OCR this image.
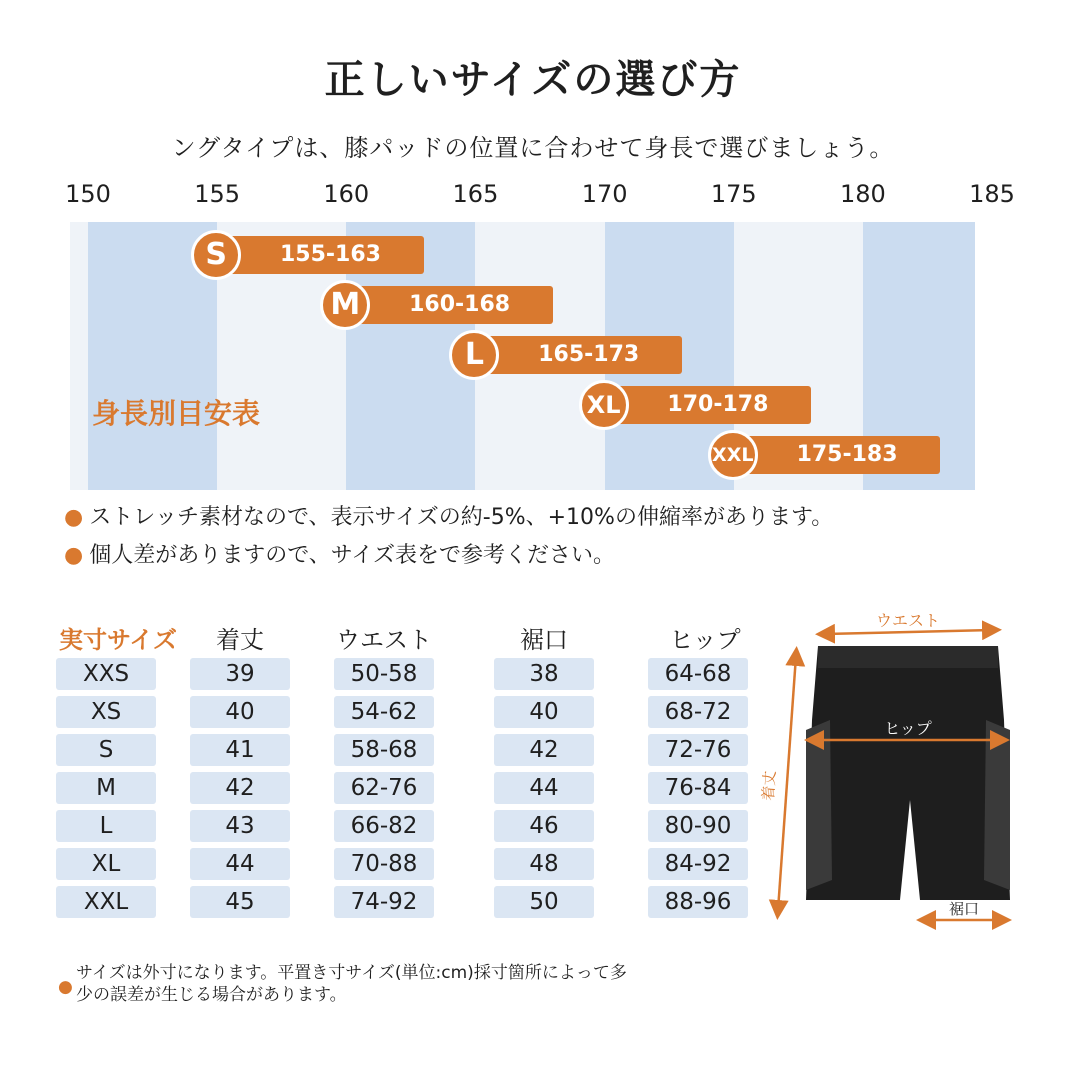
正しいサイズの選び方
ングタイプは、膝パッドの位置に合わせて身長で選びましょう。
150	155	160	165	170	175	180	185
155-163
S
160-168
M
165-173
L
170-178
XL
175-183
XXL
身長別目安表
● ストレッチ素材なので、表示サイズの約-5%、+10%の伸縮率があります。
● 個人差がありますので、サイズ表をで参考ください。
実寸サイズ	着丈	ウエスト	裾口	ヒップ
XXS	39	50-58	38	64-68
XS	40	54-62	40	68-72
S	41	58-68	42	72-76
M	42	62-76	44	76-84
L	43	66-82	46	80-90
XL	44	70-88	48	84-92
XXL	45	74-92	50	88-96
ウエスト
ヒップ
着丈
裾口
●
サイズは外寸になります。平置き寸サイズ(単位:cm)採寸箇所によって多
少の誤差が生じる場合があります。
